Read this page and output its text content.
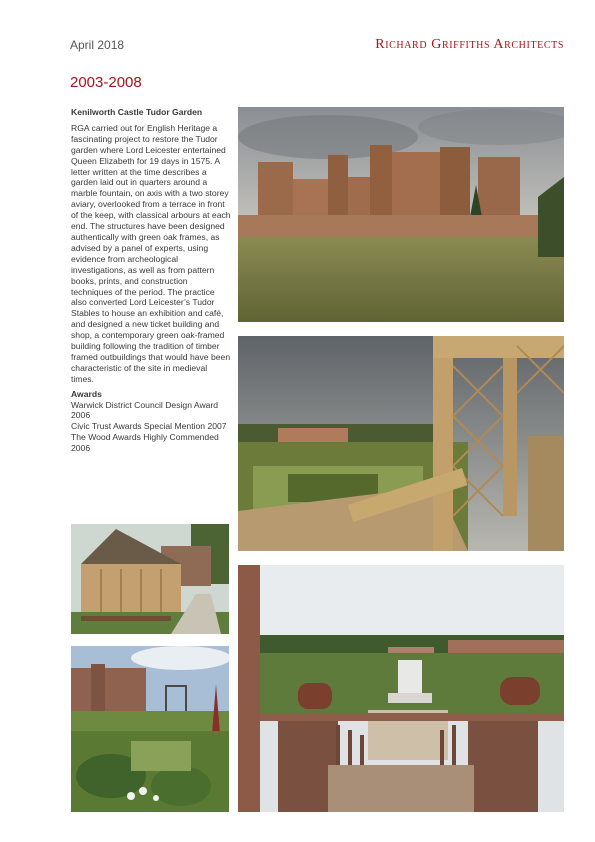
April 2018	Richard Griffiths Architects
2003-2008
Kenilworth Castle Tudor Garden

RGA carried out for English Heritage a fascinating project to restore the Tudor garden where Lord Leicester entertained Queen Elizabeth for 19 days in 1575. A letter written at the time describes a garden laid out in quarters around a marble fountain, on axis with a two storey aviary, overlooked from a terrace in front of the keep, with classical arbours at each end. The structures have been designed authentically with green oak frames, as advised by a panel of experts, using evidence from archeological investigations, as well as from pattern books, prints, and construction techniques of the period. The practice also converted Lord Leicester’s Tudor Stables to house an exhibition and café, and designed a new ticket building and shop, a contemporary green oak-framed building following the tradition of timber framed outbuildings that would have been characteristic of the site in medieval times.

Awards

Warwick District Council Design Award 2006

Civic Trust Awards Special Mention 2007

The Wood Awards Highly Commended 2006
